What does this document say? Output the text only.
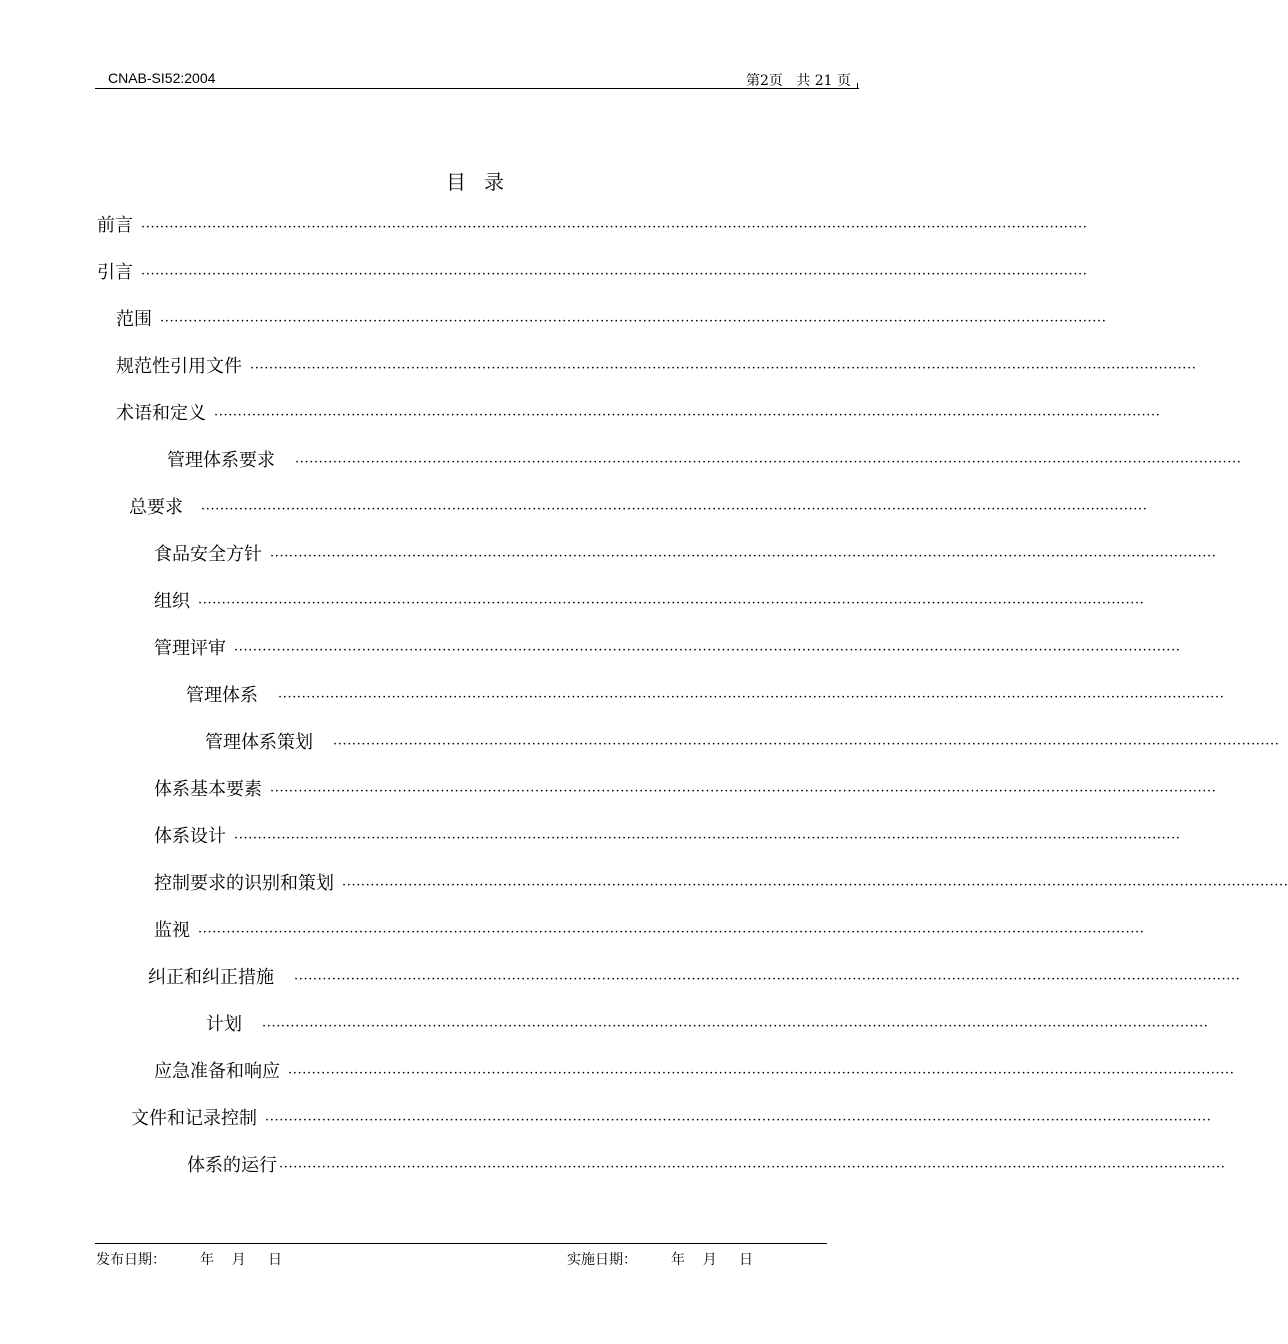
CNAB-SI52:2004	第2页   共 21 页
目录
前言 ········································································································································································································
引言 ········································································································································································································
范围 ········································································································································································································
规范性引用文件 ········································································································································································································
术语和定义 ········································································································································································································
管理体系要求 ········································································································································································································
总要求 ········································································································································································································
食品安全方针 ········································································································································································································
组织 ········································································································································································································
管理评审 ········································································································································································································
管理体系 ········································································································································································································
管理体系策划 ········································································································································································································
体系基本要素 ········································································································································································································
体系设计 ········································································································································································································
控制要求的识别和策划 ········································································································································································································
监视 ········································································································································································································
纠正和纠正措施 ········································································································································································································
计划 ········································································································································································································
应急准备和响应 ········································································································································································································
文件和记录控制 ········································································································································································································
体系的运行 ········································································································································································································
发布日期： 年    月     日	实施日期： 年    月     日
